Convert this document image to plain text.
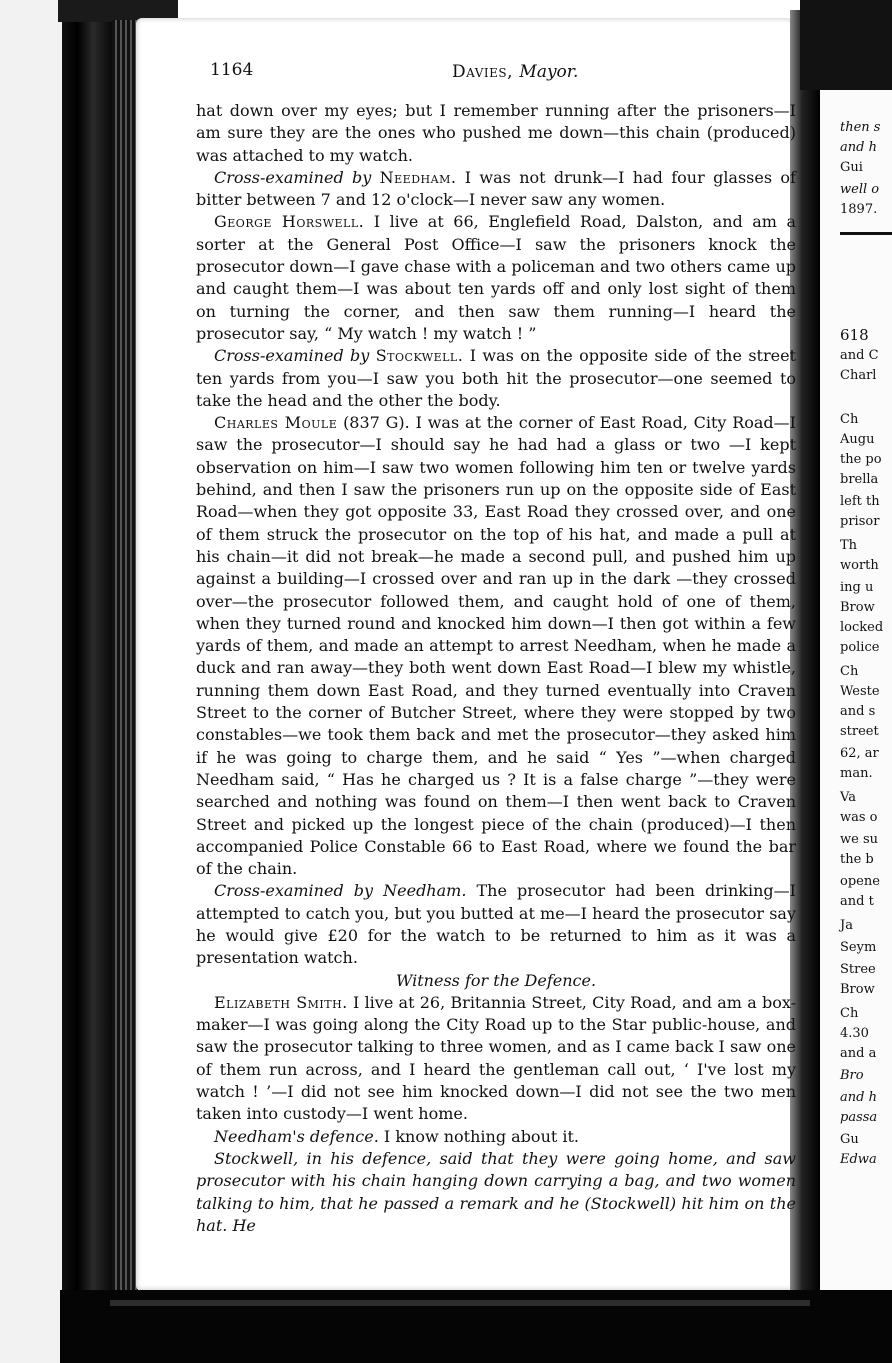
1164	Davies, Mayor.

hat down over my eyes; but I remember running after the prisoners—I am sure they are the ones who pushed me down—this chain (produced) was attached to my watch.

Cross-examined by Needham. I was not drunk—I had four glasses of bitter between 7 and 12 o'clock—I never saw any women.

George Horswell. I live at 66, Englefield Road, Dalston, and am a sorter at the General Post Office—I saw the prisoners knock the prosecutor down—I gave chase with a policeman and two others came up and caught them—I was about ten yards off and only lost sight of them on turning the corner, and then saw them running—I heard the prosecutor say, “ My watch ! my watch ! ”

Cross-examined by Stockwell. I was on the opposite side of the street ten yards from you—I saw you both hit the prosecutor—one seemed to take the head and the other the body.

Charles Moule (837 G). I was at the corner of East Road, City Road—I saw the prosecutor—I should say he had had a glass or two —I kept observation on him—I saw two women following him ten or twelve yards behind, and then I saw the prisoners run up on the opposite side of East Road—when they got opposite 33, East Road they crossed over, and one of them struck the prosecutor on the top of his hat, and made a pull at his chain—it did not break—he made a second pull, and pushed him up against a building—I crossed over and ran up in the dark —they crossed over—the prosecutor followed them, and caught hold of one of them, when they turned round and knocked him down—I then got within a few yards of them, and made an attempt to arrest Needham, when he made a duck and ran away—they both went down East Road—I blew my whistle, running them down East Road, and they turned eventually into Craven Street to the corner of Butcher Street, where they were stopped by two constables—we took them back and met the prosecutor—they asked him if he was going to charge them, and he said “ Yes ”—when charged Needham said, “ Has he charged us ? It is a false charge ”—they were searched and nothing was found on them—I then went back to Craven Street and picked up the longest piece of the chain (produced)—I then accompanied Police Constable 66 to East Road, where we found the bar of the chain.

Cross-examined by Needham. The prosecutor had been drinking—I attempted to catch you, but you butted at me—I heard the prosecutor say he would give £20 for the watch to be returned to him as it was a presentation watch.

Witness for the Defence.

Elizabeth Smith. I live at 26, Britannia Street, City Road, and am a box-maker—I was going along the City Road up to the Star public-house, and saw the prosecutor talking to three women, and as I came back I saw one of them run across, and I heard the gentleman call out, ‘ I've lost my watch ! ’—I did not see him knocked down—I did not see the two men taken into custody—I went home.

Needham's defence. I know nothing about it.

Stockwell, in his defence, said that they were going home, and saw prosecutor with his chain hanging down carrying a bag, and two women talking to him, that he passed a remark and he (Stockwell) hit him on the hat. He

then s
and h
Gui
well o
1897.
618
and C
Charl
Ch
Augu
the po
brella
left th
prisor
Th
worth
ing u
Brow
locked
police
Ch
Weste
and s
street
62, ar
man.
Va
was o
we su
the b
opene
and t
Ja
Seym
Stree
Brow
Ch
4.30
and a
Bro
and h
passa
Gu
Edwa
